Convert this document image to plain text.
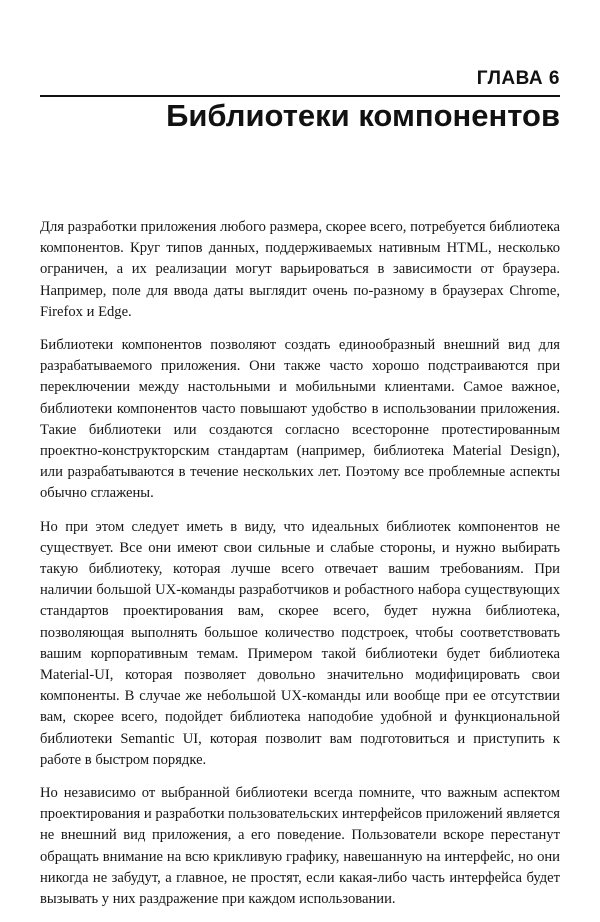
ГЛАВА 6
Библиотеки компонентов

Для разработки приложения любого размера, скорее всего, потребуется библиотека компонентов. Круг типов данных, поддерживаемых нативным HTML, несколько ограничен, а их реализации могут варьироваться в зависимости от браузера. Например, поле для ввода даты выглядит очень по-разному в браузерах Chrome, Firefox и Edge.

Библиотеки компонентов позволяют создать единообразный внешний вид для разрабатываемого приложения. Они также часто хорошо подстраиваются при переключении между настольными и мобильными клиентами. Самое важное, библиотеки компонентов часто повышают удобство в использовании приложения. Такие библиотеки или создаются согласно всесторонне протестированным проектно-конструкторским стандартам (например, библиотека Material Design), или разрабатываются в течение нескольких лет. Поэтому все проблемные аспекты обычно сглажены.

Но при этом следует иметь в виду, что идеальных библиотек компонентов не существует. Все они имеют свои сильные и слабые стороны, и нужно выбирать такую библиотеку, которая лучше всего отвечает вашим требованиям. При наличии большой UX-команды разработчиков и робастного набора существующих стандартов проектирования вам, скорее всего, будет нужна библиотека, позволяющая выполнять большое количество подстроек, чтобы соответствовать вашим корпоративным темам. Примером такой библиотеки будет библиотека Material-UI, которая позволяет довольно значительно модифицировать свои компоненты. В случае же небольшой UX-команды или вообще при ее отсутствии вам, скорее всего, подойдет библиотека наподобие удобной и функциональной библиотеки Semantic UI, которая позволит вам подготовиться и приступить к работе в быстром порядке.

Но независимо от выбранной библиотеки всегда помните, что важным аспектом проектирования и разработки пользовательских интерфейсов приложений является не внешний вид приложения, а его поведение. Пользователи вскоре перестанут обращать внимание на всю крикливую графику, навешанную на интерфейс, но они никогда не забудут, а главное, не простят, если какая-либо часть интерфейса будет вызывать у них раздражение при каждом использовании.
